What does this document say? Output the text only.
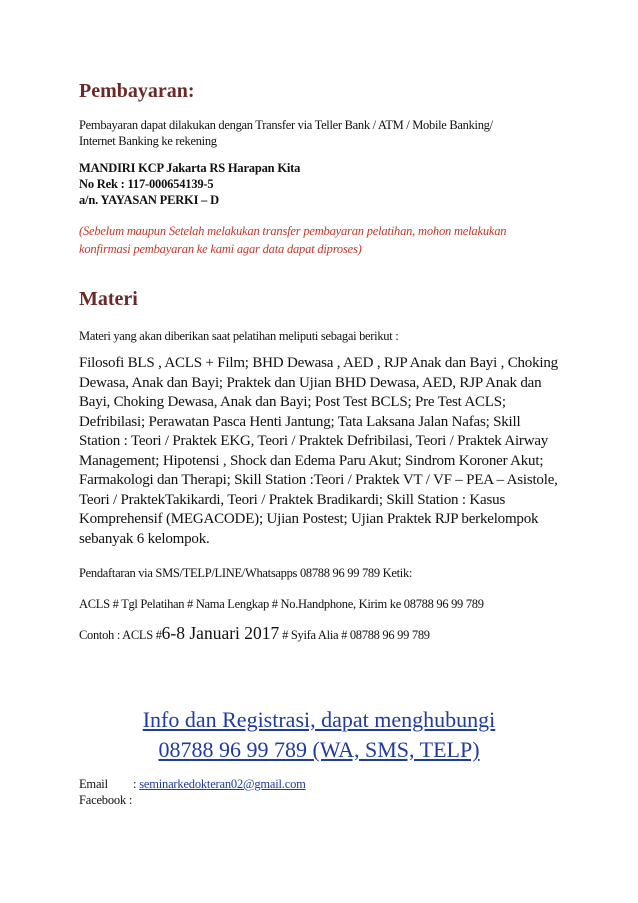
Pembayaran:
Pembayaran dapat dilakukan dengan Transfer via Teller Bank / ATM / Mobile Banking/
Internet Banking ke rekening
MANDIRI KCP Jakarta RS Harapan Kita
No Rek : 117-000654139-5
a/n. YAYASAN PERKI – D
(Sebelum maupun Setelah melakukan transfer pembayaran pelatihan, mohon melakukan
konfirmasi pembayaran ke kami agar data dapat diproses)
Materi
Materi yang akan diberikan saat pelatihan meliputi sebagai berikut :
Filosofi BLS , ACLS + Film; BHD Dewasa , AED , RJP Anak dan Bayi , Choking
Dewasa, Anak dan Bayi; Praktek dan Ujian BHD Dewasa, AED, RJP Anak dan
Bayi, Choking Dewasa, Anak dan Bayi; Post Test BCLS; Pre Test ACLS;
Defribilasi; Perawatan Pasca Henti Jantung; Tata Laksana Jalan Nafas; Skill
Station : Teori / Praktek EKG, Teori / Praktek Defribilasi, Teori / Praktek Airway
Management; Hipotensi , Shock dan Edema Paru Akut; Sindrom Koroner Akut;
Farmakologi dan Therapi; Skill Station :Teori / Praktek VT / VF – PEA – Asistole,
Teori / PraktekTakikardi, Teori / Praktek Bradikardi; Skill Station : Kasus
Komprehensif (MEGACODE); Ujian Postest; Ujian Praktek RJP berkelompok
sebanyak 6 kelompok.
Pendaftaran via SMS/TELP/LINE/Whatsapps 08788 96 99 789 Ketik:
ACLS # Tgl Pelatihan # Nama Lengkap # No.Handphone, Kirim ke 08788 96 99 789
Contoh : ACLS #6-8 Januari 2017 # Syifa Alia # 08788 96 99 789
Info dan Registrasi, dapat menghubungi
08788 96 99 789 (WA, SMS, TELP)
Email : seminarkedokteran02@gmail.com
Facebook :
